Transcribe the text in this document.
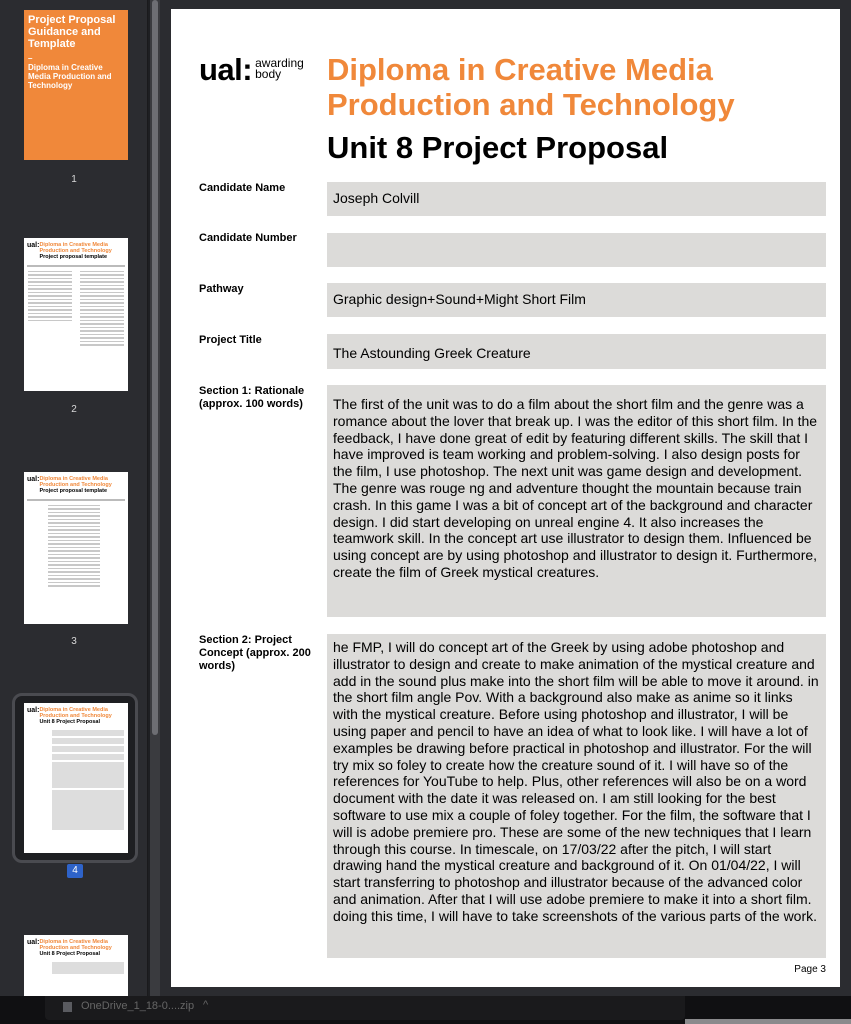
Project Proposal Guidance and Template
–
Diploma in Creative Media Production and Technology
1
ual: Diploma in Creative Media Production and Technology
Project proposal template
2
ual: Diploma in Creative Media Production and Technology
Project proposal template
3
ual: Diploma in Creative Media Production and Technology
Unit 8 Project Proposal
4
ual: Diploma in Creative Media Production and Technology
Unit 8 Project Proposal
ual: awarding
body	Diploma in Creative Media Production and Technology
Unit 8 Project Proposal
Candidate Name
Joseph Colvill
Candidate Number
Pathway
Graphic design+Sound+Might Short Film
Project Title
The Astounding Greek Creature
Section 1: Rationale (approx. 100 words)	The first of the unit was to do a film about the short film and the genre was a romance about the lover that break up. I was the editor of this short film. In the feedback, I have done great of edit by featuring different skills. The skill that I have improved is team working and problem-solving. I also design posts for the film, I use photoshop. The next unit was game design and development. The genre was rouge ng and adventure thought the mountain because train crash. In this game I was a bit of concept art of the background and character design. I did start developing on unreal engine 4. It also increases the teamwork skill. In the concept art use illustrator to design them. Influenced be using concept are by using photoshop and illustrator to design it. Furthermore, create the film of Greek mystical creatures.
Section 2: Project Concept (approx. 200 words)
he FMP, I will do concept art of the Greek by using adobe photoshop and illustrator to design and create to make animation of the mystical creature and add in the sound plus make into the short film will be able to move it around. in the short film angle Pov. With a background also make as anime so it links with the mystical creature. Before using photoshop and illustrator, I will be using paper and pencil to have an idea of what to look like. I will have a lot of examples be drawing before practical in photoshop and illustrator. For the will try mix so foley to create how the creature sound of it. I will have so of the references for YouTube to help. Plus, other references will also be on a word document with the date it was released on. I am still looking for the best software to use mix a couple of foley together. For the film, the software that I will is adobe premiere pro. These are some of the new techniques that I learn through this course. In timescale, on 17/03/22 after the pitch, I will start drawing hand the mystical creature and background of it. On 01/04/22, I will start transferring to photoshop and illustrator because of the advanced color and animation. After that I will use adobe premiere to make it into a short film. doing this time, I will have to take screenshots of the various parts of the work.
Page 3
OneDrive_1_18-0....zip ^
